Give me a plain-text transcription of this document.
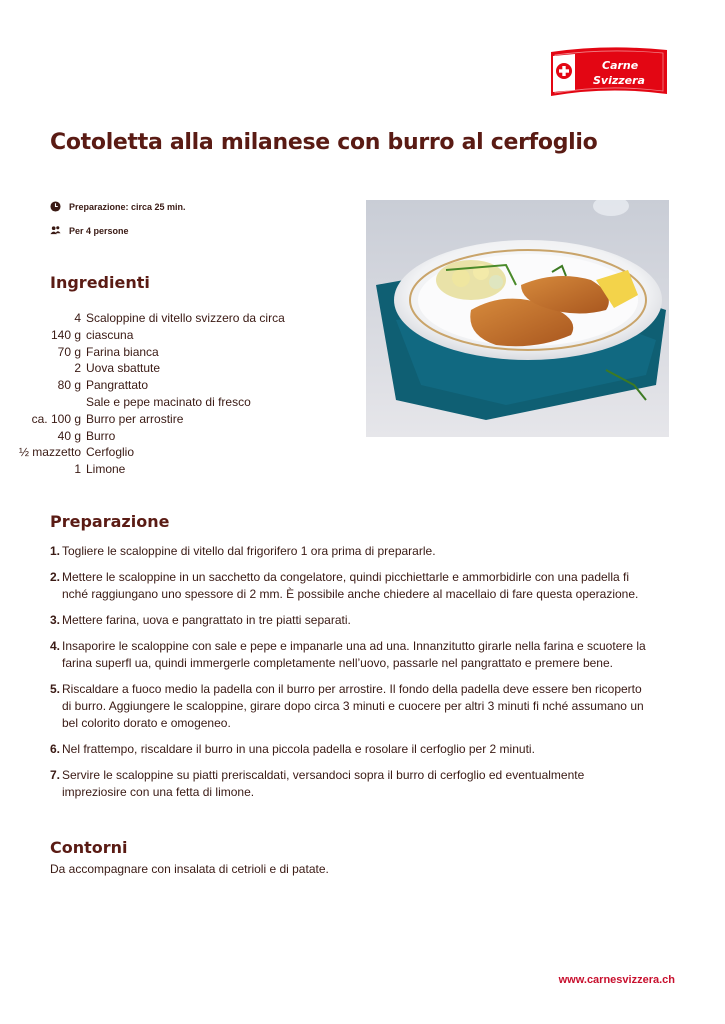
Carne
Svizzera
Cotoletta alla milanese con burro al cerfoglio
Preparazione: circa 25 min.
Per 4 persone
Ingredienti
4 Scaloppine di vitello svizzero da circa
140 g ciascuna
70 g Farina bianca
2 Uova sbattute
80 g Pangrattato
Sale e pepe macinato di fresco
ca. 100 g Burro per arrostire
40 g Burro
½ mazzetto Cerfoglio
1 Limone
Preparazione
1. Togliere le scaloppine di vitello dal frigorifero 1 ora prima di prepararle.
2. Mettere le scaloppine in un sacchetto da congelatore, quindi picchiettarle e ammorbidirle con una padella fi nché raggiungano uno spessore di 2 mm. È possibile anche chiedere al macellaio di fare questa operazione.
3. Mettere farina, uova e pangrattato in tre piatti separati.
4. Insaporire le scaloppine con sale e pepe e impanarle una ad una. Innanzitutto girarle nella farina e scuotere la farina superfl ua, quindi immergerle completamente nell’uovo, passarle nel pangrattato e premere bene.
5. Riscaldare a fuoco medio la padella con il burro per arrostire. Il fondo della padella deve essere ben ricoperto di burro. Aggiungere le scaloppine, girare dopo circa 3 minuti e cuocere per altri 3 minuti fi nché assumano un bel colorito dorato e omogeneo.
6. Nel frattempo, riscaldare il burro in una piccola padella e rosolare il cerfoglio per 2 minuti.
7. Servire le scaloppine su piatti preriscaldati, versandoci sopra il burro di cerfoglio ed eventualmente impreziosire con una fetta di limone.
Contorni
Da accompagnare con insalata di cetrioli e di patate.
www.carnesvizzera.ch
